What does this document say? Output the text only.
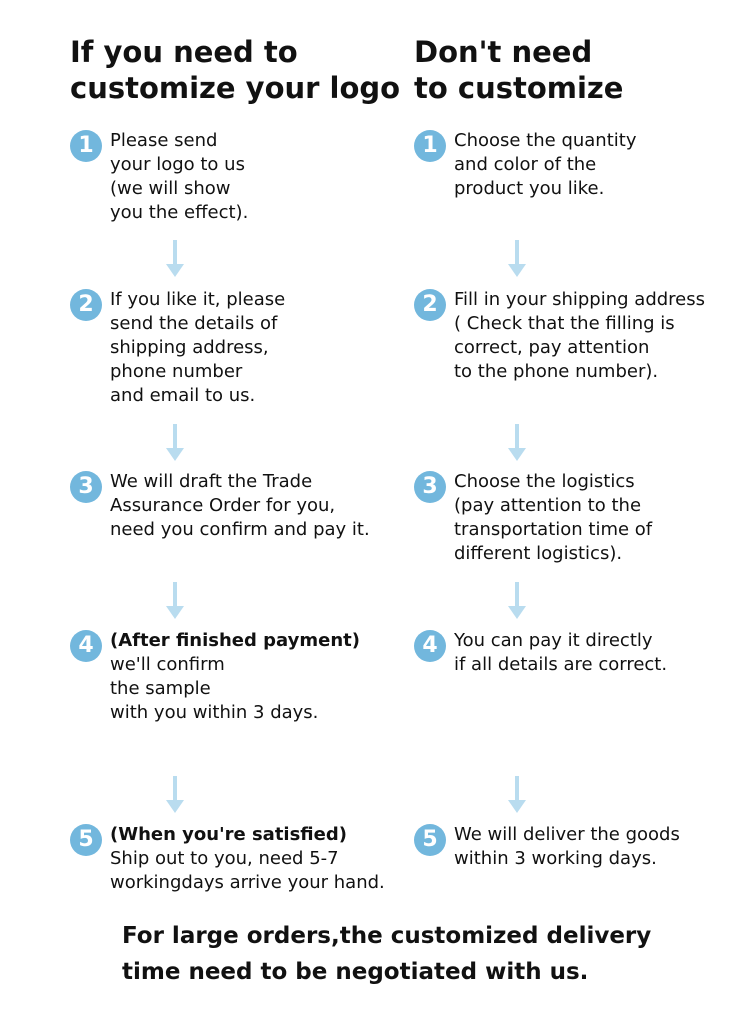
If you need to
customize your logo
1 Please send
your logo to us
(we will show
you the effect).
2 If you like it, please
send the details of
shipping address,
phone number
and email to us.
3 We will draft the Trade
Assurance Order for you,
need you confirm and pay it.
4 (After finished payment)
we'll confirm
the sample
with you within 3 days.
5 (When you're satisfied)
Ship out to you, need 5-7
workingdays arrive your hand.
Don't need
to customize
1 Choose the quantity
and color of the
product you like.
2 Fill in your shipping address
( Check that the filling is
correct, pay attention
to the phone number).
3 Choose the logistics
(pay attention to the
transportation time of
different logistics).
4 You can pay it directly
if all details are correct.
5 We will deliver the goods
within 3 working days.

For large orders,the customized delivery
time need to be negotiated with us.
